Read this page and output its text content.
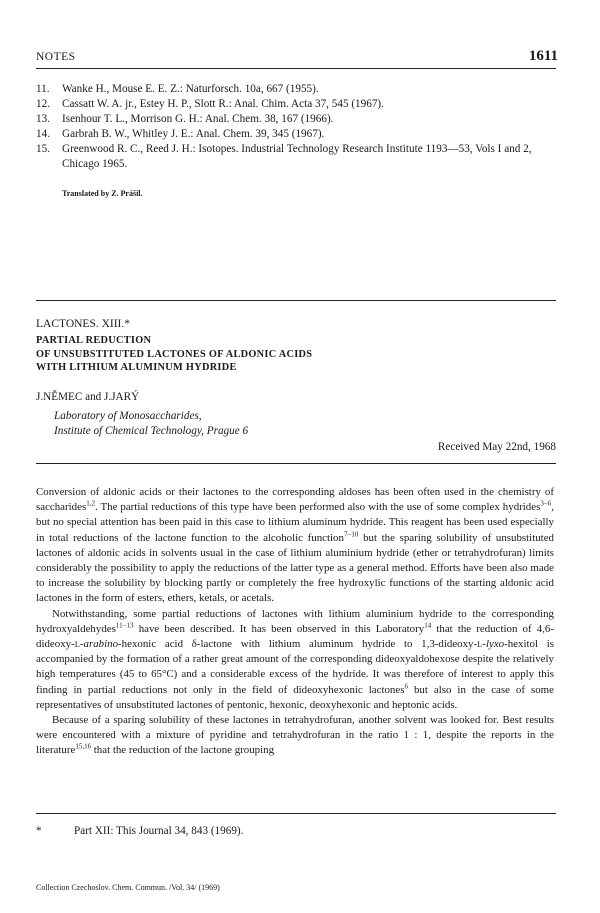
NOTES	1611
11.	Wanke H., Mouse E. E. Z.: Naturforsch. 10a, 667 (1955).
12.	Cassatt W. A. jr., Estey H. P., Slott R.: Anal. Chim. Acta 37, 545 (1967).
13.	Isenhour T. L., Morrison G. H.: Anal. Chem. 38, 167 (1966).
14.	Garbrah B. W., Whitley J. E.: Anal. Chem. 39, 345 (1967).
15.	Greenwood R. C., Reed J. H.: Isotopes. Industrial Technology Research Institute 1193—53, Vols I and 2, Chicago 1965.
Translated by Z. Prášil.
LACTONES. XIII.*
PARTIAL REDUCTION
OF UNSUBSTITUTED LACTONES OF ALDONIC ACIDS
WITH LITHIUM ALUMINUM HYDRIDE
J.NĚMEC and J.JARÝ
Laboratory of Monosaccharides,
Institute of Chemical Technology, Prague 6
Received May 22nd, 1968

Conversion of aldonic acids or their lactones to the corresponding aldoses has been often used in the chemistry of saccharides$^{1,2}$. The partial reductions of this type have been performed also with the use of some complex hydrides$^{3-6}$, but no special attention has been paid in this case to lithium aluminum hydride. This reagent has been used especially in total reductions of the lactone function to the alcoholic function$^{7-10}$ but the sparing solubility of unsubstituted lactones of aldonic acids in solvents usual in the case of lithium aluminium hydride (ether or tetrahydrofuran) limits considerably the possibility to apply the reductions of the latter type as a general method. Efforts have been also made to increase the solubility by blocking partly or completely the free hydroxylic functions of the starting aldonic acid lactones in the form of esters, ethers, ketals, or acetals.

Notwithstanding, some partial reductions of lactones with lithium aluminium hydride to the corresponding hydroxyaldehydes$^{11-13}$ have been described. It has been observed in this Laboratory$^{14}$ that the reduction of 4,6-dideoxy-L-arabino-hexonic acid δ-lactone with lithium aluminum hydride to 1,3-dideoxy-L-lyxo-hexitol is accompanied by the formation of a rather great amount of the corresponding dideoxyaldohexose despite the relatively high temperatures (45 to 65°C) and a considerable excess of the hydride. It was therefore of interest to apply this finding in partial reductions not only in the field of dideoxyhexonic lactones$^6$ but also in the case of some representatives of unsubstituted lactones of pentonic, hexonic, deoxyhexonic and heptonic acids.

Because of a sparing solubility of these lactones in tetrahydrofuran, another solvent was looked for. Best results were encountered with a mixture of pyridine and tetrahydrofuran in the ratio 1 : 1, despite the reports in the literature$^{15,16}$ that the reduction of the lactone grouping

*	Part XII: This Journal 34, 843 (1969).
Collection Czechoslov. Chem. Commun. /Vol. 34/ (1969)
